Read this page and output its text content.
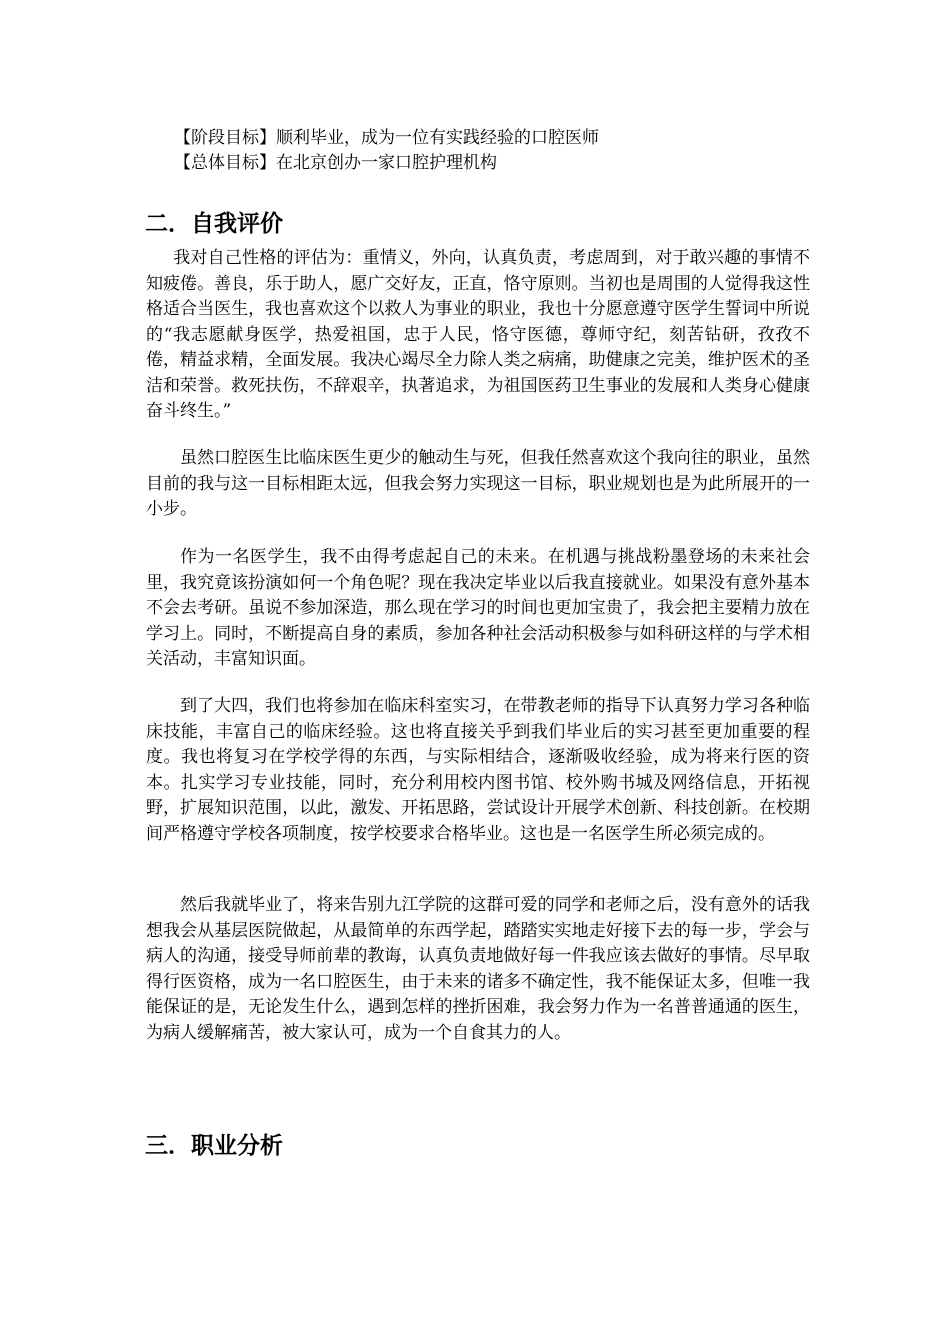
【阶段目标】顺利毕业，成为一位有实践经验的口腔医师
【总体目标】在北京创办一家口腔护理机构
二．自我评价

我对自己性格的评估为：重情义，外向，认真负责，考虑周到，对于敢兴趣的事情不知疲倦。善良，乐于助人，愿广交好友，正直，恪守原则。当初也是周围的人觉得我这性格适合当医生，我也喜欢这个以救人为事业的职业，我也十分愿意遵守医学生誓词中所说的“我志愿献身医学，热爱祖国，忠于人民，恪守医德，尊师守纪，刻苦钻研，孜孜不倦，精益求精，全面发展。我决心竭尽全力除人类之病痛，助健康之完美，维护医术的圣洁和荣誉。救死扶伤，不辞艰辛，执著追求，为祖国医药卫生事业的发展和人类身心健康奋斗终生。”

虽然口腔医生比临床医生更少的触动生与死，但我任然喜欢这个我向往的职业，虽然目前的我与这一目标相距太远，但我会努力实现这一目标，职业规划也是为此所展开的一小步。

作为一名医学生，我不由得考虑起自己的未来。在机遇与挑战粉墨登场的未来社会里，我究竟该扮演如何一个角色呢？现在我决定毕业以后我直接就业。如果没有意外基本不会去考研。虽说不参加深造，那么现在学习的时间也更加宝贵了，我会把主要精力放在学习上。同时，不断提高自身的素质，参加各种社会活动积极参与如科研这样的与学术相关活动，丰富知识面。

到了大四，我们也将参加在临床科室实习，在带教老师的指导下认真努力学习各种临床技能，丰富自己的临床经验。这也将直接关乎到我们毕业后的实习甚至更加重要的程度。我也将复习在学校学得的东西，与实际相结合，逐渐吸收经验，成为将来行医的资本。扎实学习专业技能，同时，充分利用校内图书馆、校外购书城及网络信息，开拓视野，扩展知识范围，以此，激发、开拓思路，尝试设计开展学术创新、科技创新。在校期间严格遵守学校各项制度，按学校要求合格毕业。这也是一名医学生所必须完成的。

然后我就毕业了，将来告别九江学院的这群可爱的同学和老师之后，没有意外的话我想我会从基层医院做起，从最简单的东西学起，踏踏实实地走好接下去的每一步，学会与病人的沟通，接受导师前辈的教诲，认真负责地做好每一件我应该去做好的事情。尽早取得行医资格，成为一名口腔医生，由于未来的诸多不确定性，我不能保证太多，但唯一我能保证的是，无论发生什么，遇到怎样的挫折困难，我会努力作为一名普普通通的医生，为病人缓解痛苦，被大家认可，成为一个自食其力的人。

三．职业分析
